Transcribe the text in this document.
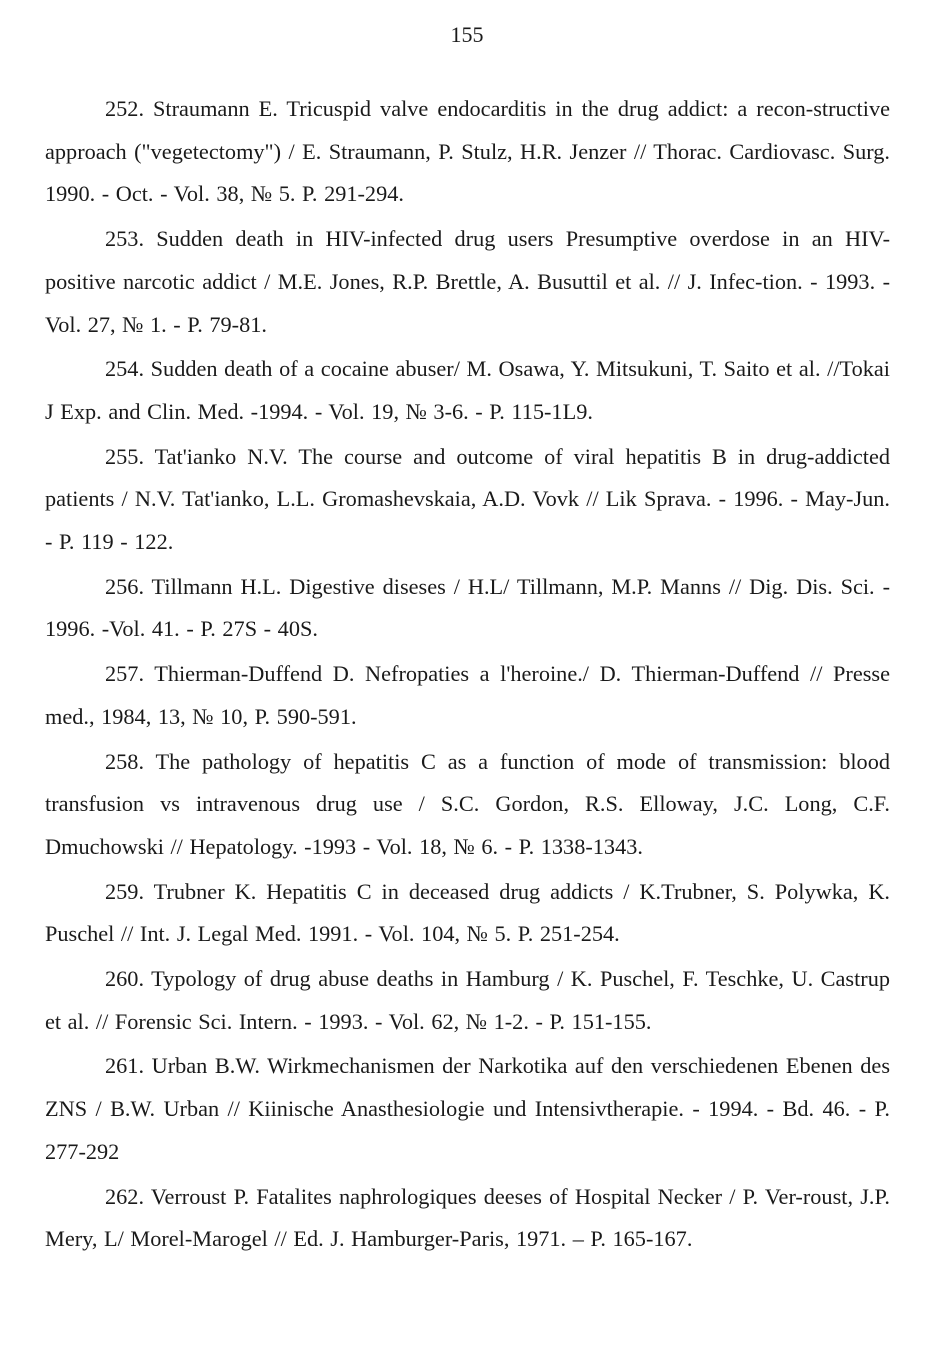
155

252. Straumann E. Tricuspid valve endocarditis in the drug addict: a recon-structive approach ("vegetectomy") / E. Straumann, P. Stulz, H.R. Jenzer // Thorac. Cardiovasc. Surg. 1990. - Oct. - Vol. 38, № 5. P. 291-294.

253. Sudden death in HIV-infected drug users Presumptive overdose in an HIV-positive narcotic addict / M.E. Jones, R.P. Brettle, A. Busuttil et al. // J. Infec-tion. - 1993. -Vol. 27, № 1. - P. 79-81.

254. Sudden death of a cocaine abuser/ M. Osawa, Y. Mitsukuni, T. Saito et al. //Tokai J Exp. and Clin. Med. -1994. - Vol. 19, № 3-6. - P. 115-1L9.

255. Tat'ianko N.V. The course and outcome of viral hepatitis B in drug-addicted patients / N.V. Tat'ianko, L.L. Gromashevskaia, A.D. Vovk // Lik Sprava. - 1996. - May-Jun. - P. 119 - 122.

256. Tillmann H.L. Digestive diseses / H.L/ Tillmann, M.P. Manns // Dig. Dis. Sci. - 1996. -Vol. 41. - P. 27S - 40S.

257. Thierman-Duffend D. Nefropaties a l'heroine./ D. Thierman-Duffend // Presse med., 1984, 13, № 10, P. 590-591.

258. The pathology of hepatitis C as a function of mode of transmission: blood transfusion vs intravenous drug use / S.C. Gordon, R.S. Elloway, J.C. Long, C.F. Dmuchowski // Hepatology. -1993 - Vol. 18, № 6. - P. 1338-1343.

259. Trubner K. Hepatitis C in deceased drug addicts / K.Trubner, S. Polywka, K. Puschel // Int. J. Legal Med. 1991. - Vol. 104, № 5. P. 251-254.

260. Typology of drug abuse deaths in Hamburg / K. Puschel, F. Teschke, U. Castrup et al. // Forensic Sci. Intern. - 1993. - Vol. 62, № 1-2. - P. 151-155.

261. Urban B.W. Wirkmechanismen der Narkotika auf den verschiedenen Ebenen des ZNS / B.W. Urban // Kiinische Anasthesiologie und Intensivtherapie. - 1994. - Bd. 46. - P. 277-292

262. Verroust P. Fatalites naphrologiques deeses of Hospital Necker / P. Ver-roust, J.P. Mery, L/ Morel-Marogel // Ed. J. Hamburger-Paris, 1971. – P. 165-167.
